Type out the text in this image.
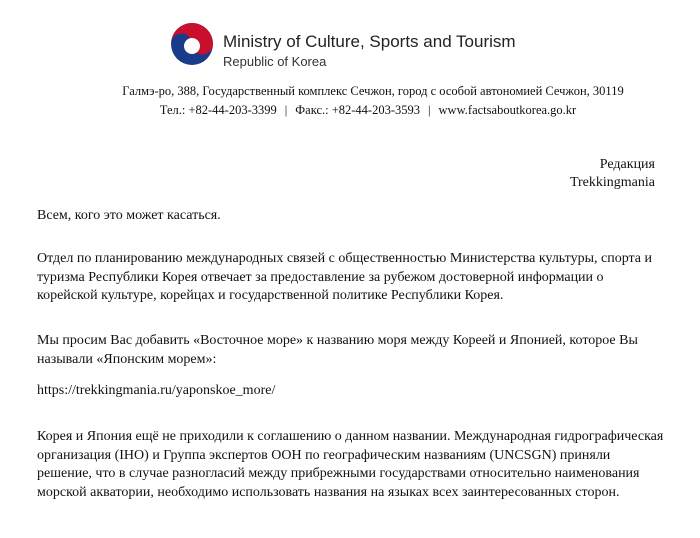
Ministry of Culture, Sports and Tourism
Republic of Korea
Галмэ-ро, 388, Государственный комплекс Сечжон, город с особой автономией Сечжон, 30119
Тел.: +82-44-203-3399 | Факс.: +82-44-203-3593 | www.factsaboutkorea.go.kr
Редакция
Trekkingmania
Всем, кого это может касаться.
Отдел по планированию международных связей с общественностью Министерства культуры, спорта и туризма Республики Корея отвечает за предоставление за рубежом достоверной информации о корейской культуре, корейцах и государственной политике Республики Корея.
Мы просим Вас добавить «Восточное море» к названию моря между Кореей и Японией, которое Вы называли «Японским морем»:
https://trekkingmania.ru/yaponskoe_more/
Корея и Япония ещё не приходили к соглашению о данном названии. Международная гидрографическая организация (IHO) и Группа экспертов ООН по географическим названиям (UNCSGN) приняли решение, что в случае разногласий между прибрежными государствами относительно наименования морской акватории, необходимо использовать названия на языках всех заинтересованных сторон.
